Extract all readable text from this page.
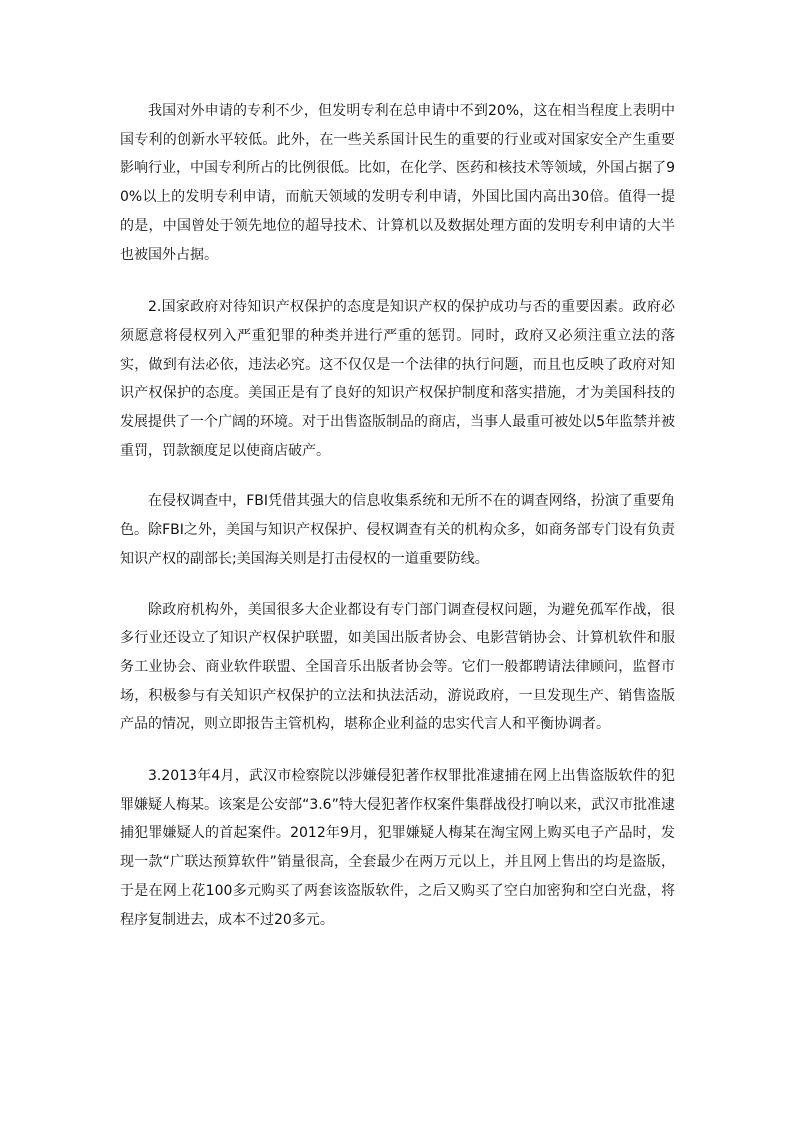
我国对外申请的专利不少，但发明专利在总申请中不到20%，这在相当程度上表明中国专利的创新水平较低。此外，在一些关系国计民生的重要的行业或对国家安全产生重要影响行业，中国专利所占的比例很低。比如，在化学、医药和核技术等领域，外国占据了90%以上的发明专利申请，而航天领域的发明专利申请，外国比国内高出30倍。值得一提的是，中国曾处于领先地位的超导技术、计算机以及数据处理方面的发明专利申请的大半也被国外占据。

2.国家政府对待知识产权保护的态度是知识产权的保护成功与否的重要因素。政府必须愿意将侵权列入严重犯罪的种类并进行严重的惩罚。同时，政府又必须注重立法的落实，做到有法必依，违法必究。这不仅仅是一个法律的执行问题，而且也反映了政府对知识产权保护的态度。美国正是有了良好的知识产权保护制度和落实措施，才为美国科技的发展提供了一个广阔的环境。对于出售盗版制品的商店，当事人最重可被处以5年监禁并被重罚，罚款额度足以使商店破产。

在侵权调查中，FBI凭借其强大的信息收集系统和无所不在的调查网络，扮演了重要角色。除FBI之外，美国与知识产权保护、侵权调查有关的机构众多，如商务部专门设有负责知识产权的副部长;美国海关则是打击侵权的一道重要防线。

除政府机构外，美国很多大企业都设有专门部门调查侵权问题，为避免孤军作战，很多行业还设立了知识产权保护联盟，如美国出版者协会、电影营销协会、计算机软件和服务工业协会、商业软件联盟、全国音乐出版者协会等。它们一般都聘请法律顾问，监督市场，积极参与有关知识产权保护的立法和执法活动，游说政府，一旦发现生产、销售盗版产品的情况，则立即报告主管机构，堪称企业利益的忠实代言人和平衡协调者。

3.2013年4月，武汉市检察院以涉嫌侵犯著作权罪批准逮捕在网上出售盗版软件的犯罪嫌疑人梅某。该案是公安部“3.6”特大侵犯著作权案件集群战役打响以来，武汉市批准逮捕犯罪嫌疑人的首起案件。2012年9月，犯罪嫌疑人梅某在淘宝网上购买电子产品时，发现一款“广联达预算软件”销量很高，全套最少在两万元以上，并且网上售出的均是盗版，于是在网上花100多元购买了两套该盗版软件，之后又购买了空白加密狗和空白光盘，将程序复制进去，成本不过20多元。
